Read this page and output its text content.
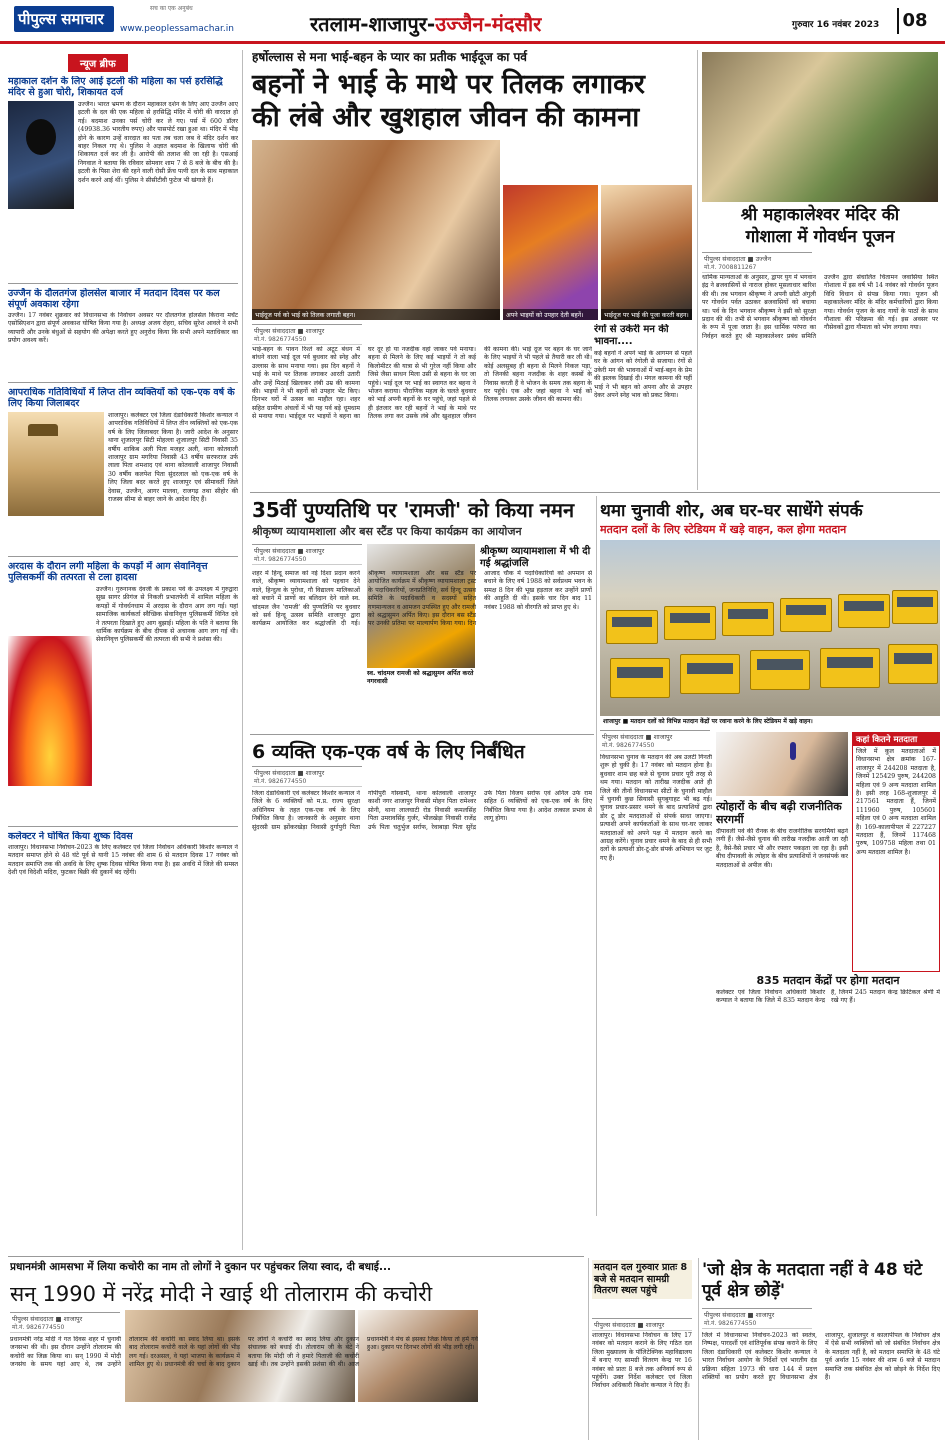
पीपुल्स समाचार
सच का एक अनुबंध
www.peoplessamachar.in	रतलाम-शाजापुर-उज्जैन-मंदसौर	गुरुवार 16 नवंबर 2023	08
न्यूज ब्रीफ
महाकाल दर्शन के लिए आई इटली की महिला का पर्स हरसिद्धि मंदिर से हुआ चोरी, शिकायत दर्ज
उज्जैन। भारत भ्रमण के दौरान महाकाल दर्शन के लिए आए उज्जैन आए इटली के दल की एक महिला से हरसिद्धि मंदिर में चोरी की वारदात हो गई। बदमाश उनका पर्स चोरी कर ले गए। पर्स में 600 डॉलर (49938.36 भारतीय रुपए) और पासपोर्ट रखा हुआ था। मंदिर में भीड़ होने के कारण उन्हें वारदात का पता तब चला जब वे मंदिर दर्शन कर बाहर निकल गए थे। पुलिस ने अज्ञात बदमाश के खिलाफ चोरी की शिकायत दर्ज कर ली है। आरोपी की तलाश की जा रही है। एसआई निगवाल ने बताया कि रविवार सोमवार शाम 7 से 8 बजे के बीच की है। इटली के पिसा शेरा की रहने वाली रोसी फ्रेंच पत्नी दल के साथ महाकाल दर्शन करने आई थीं। पुलिस ने सीसीटीवी फुटेज भी खंगाले हैं।
उज्जैन के दौलतगंज होलसेल बाजार में मतदान दिवस पर कल संपूर्ण अवकाश रहेगा
उज्जैन। 17 नवंबर शुक्रवार को विधानसभा के निर्वाचन अवसर पर दौलतगंज होलसेल किराना मर्चेंट एसोसिएशन द्वारा संपूर्ण अवकाश घोषित किया गया है। अध्यक्ष अजय रोहरा, सचिव सुरेश आवले ने सभी व्यापारी और उनके बंधुओं से सहयोग की अपेक्षा करते हुए अनुरोध किया कि सभी अपने मताधिकार का प्रयोग अवश्य करें।
आपराधिक गतिविधियों में लिप्त तीन व्यक्तियों को एक-एक वर्ष के लिए किया जिलाबदर
शाजापुर। कलेक्टर एवं जिला दंडाधिकारी किशोर कन्याल ने आपराधिक गतिविधियों में लिप्त तीन व्यक्तियों को एक-एक वर्ष के लिए जिलाबदर किया है। जारी आदेश के अनुसार थाना शुजालपुर सिटी मोहल्ला शुजालपुर सिटी निवासी 35 वर्षीय शाकिब अली पिता मजहर अली, थाना कोतवाली शाजापुर ग्राम मगरिया निवासी 43 वर्षीय सरफराज उर्फ लाला पिता शमशाद एवं थाना कोतवाली शाजापुर निवासी 30 वर्षीय कलपेश पिता सुंदरलाल को एक-एक वर्ष के लिए जिला बदर करते हुए शाजापुर एवं सीमावर्ती जिले देवास, उज्जैन, आगर मालवा, राजगढ़ तथा सीहोर की राजस्व सीमा से बाहर जाने के आदेश दिए हैं।
अरदास के दौरान लगी महिला के कपड़ों में आग सेवानिवृत्त पुलिसकर्मी की तत्परता से टला हादसा
उज्जैन। गुरुनानक देवजी के प्रकाश पर्व के उपलक्ष्य में गुरुद्वारा सुख सागर फ्रीगंज से निकली प्रभातफेरी में शामिल महिला के कपड़ों में गोवर्धनधाम में अरदास के दौरान आग लग गई। यहां सामाजिक कार्यकर्ता स्वैच्छिक सेवानिवृत्त पुलिसकर्मी विनित दवे ने तत्परता दिखाते हुए आग बुझाई। महिला के पति ने बताया कि धार्मिक कार्यक्रम के बीच दीपक से अचानक आग लग गई थी। सेवानिवृत्त पुलिसकर्मी की तत्परता की सभी ने प्रशंसा की।
कलेक्टर ने घोषित किया शुष्क दिवस
शाजापुर। विधानसभा निर्वाचन-2023 के लिए कलेक्टर एवं जिला निर्वाचन अधिकारी किशोर कन्याल ने मतदान समाप्त होने से 48 घंटे पूर्व से यानी 15 नवंबर की शाम 6 से मतदान दिवस 17 नवंबर को मतदान समाप्ति तक की अवधि के लिए शुष्क दिवस घोषित किया गया है। इस अवधि में जिले की समस्त देशी एवं विदेशी मदिरा, फुटकर बिक्री की दुकानें बंद रहेंगी।
हर्षोल्लास से मना भाई-बहन के प्यार का प्रतीक भाईदूज का पर्व
बहनों ने भाई के माथे पर तिलक लगाकर
की लंबे और खुशहाल जीवन की कामना
भाईदूज पर्व को भाई को तिलक लगाती बहन।	अपने भाइयों को उपहार देती बहनें।	भाईदूज पर भाई की पूजा करती बहन।
पीपुल्स संवाददाता ■ शाजापुर
मो.नं. 9826774550
भाई-बहन के पावन रिश्ते को अटूट बंधन में बांधने वाला भाई दूज पर्व बुधवार को स्नेह और उल्लास के साथ मनाया गया। इस दिन बहनों ने भाई के माथे पर तिलक लगाकर आरती उतारी और उन्हें मिठाई खिलाकर लंबी उम्र की कामना की। भाइयों ने भी बहनों को उपहार भेंट किए। दिनभर घरों में उत्सव का माहौल रहा। शहर सहित ग्रामीण अंचलों में भी यह पर्व बड़े धूमधाम से मनाया गया। भाईदूज पर भाइयों ने बहना का घर दूर हो या नजदीक वहां जाकर पर्व मनाया। बहना से मिलने के लिए कई भाइयों ने तो कई किलोमीटर की यात्रा से भी गुरेज नहीं किया और जिसे जैसा साधन मिला उसी से बहना के घर जा पहुंचे। भाई दूज पर भाई का स्वागत कर बहना ने भोजन कराया। पौराणिक महत्व के चलते बुधवार को भाई अपनी बहनों के घर पहुंचे, जहां पहले से ही इंतजार कर रही बहनों ने भाई के माथे पर तिलक लगा कर उसके लंबे और खुशहाल जीवन की कामना की। भाई दूज पर बहन के घर जाने के लिए भाइयों ने भी पहले से तैयारी कर ली थी। कोई अलसुबह ही बहना से मिलने निकल पड़ा, तो जिनकी बहना नजदीक के शहर कस्बों के निवास करती हैं वे भोजन के समय तक बहना के घर पहुंचे। एक और जहां बहना ने भाई को तिलक लगाकर उसके जीवन की कामना की।
रंगों से उकेरी मन की भावना....
कई बहनों ने अपने भाई के आगमन से पहले घर के आंगन को रंगोली से सजाया। रंगों से उकेरी मन की भावनाओं में भाई-बहन के प्रेम की झलक दिखाई दी। मंगल कामना की यहीं भाई ने भी बहन को अपना और से उपहार देकर अपने स्नेह भाव को प्रकट किया।
श्री महाकालेश्वर मंदिर की
गोशाला में गोवर्धन पूजन
पीपुल्स संवाददाता ■ उज्जैन
मो.नं. 7008811267
धार्मिक मान्यताओं के अनुसार, द्वापर युग में भगवान इंद्र ने ब्रजवासियों से नाराज होकर मूसलाधार बारिश की थी। तब भगवान श्रीकृष्ण ने अपनी छोटी अंगुली पर गोवर्धन पर्वत उठाकर ब्रजवासियों को बचाया था। पर्व के दिन भगवान श्रीकृष्ण ने इसी को सुरक्षा प्रदान की थी। तभी से भगवान श्रीकृष्ण को गोवर्धन के रूप में पूजा जाता है। इस धार्मिक परंपरा का निर्वहन करते हुए श्री महाकालेश्वर प्रबंध समिति उज्जैन द्वारा संचालित चिंतामन जवासिया स्थित गोशाला में इस वर्ष भी 14 नवंबर को गोवर्धन पूजन विधि विधान से संपन्न किया गया। पूजन श्री महाकालेश्वर मंदिर के मंदिर कर्मचारियों द्वारा किया गया। गोवर्धन पूजन के बाद गायों के पाठों के साथ गौशाला की परिक्रमा की गई। इस अवसर पर गौसेवकों द्वारा गौमाता को भोग लगाया गया।
35वीं पुण्यतिथि पर 'रामजी' को किया नमन
श्रीकृष्ण व्यायामशाला और बस स्टैंड पर किया कार्यक्रम का आयोजन
पीपुल्स संवाददाता ■ शाजापुर
मो.नं. 9826774550
स्व. चांदमल रामजी को श्रद्धासुमन अर्पित करते नगरवासी
श्रीकृष्ण व्यायामशाला में भी दी गई श्रद्धांजलि
शहर में हिन्दू समाज को नई दिशा प्रदान करने वाले, श्रीकृष्ण व्यायामशाला को पहचान देने वाले, हिन्दुत्व के पुरोधा, गौ विद्यालय मालिकाओं को बचाने में प्राणों का बलिदान देने वाले स्व. चांदमल जैन 'रामजी' की पुण्यतिथि पर बुधवार को सर्व हिन्दू उत्सव समिति शाजापुर द्वारा कार्यक्रम आयोजित कर श्रद्धांजलि दी गई। श्रीकृष्ण व्यायामशाला और बस स्टैंड पर आयोजित कार्यक्रम में श्रीकृष्ण व्यायामशाला ट्रस्ट के पदाधिकारियों, जनप्रतिनिधि, सर्व हिन्दू उत्सव समिति के पदाधिकारी व सदस्यों सहित गणमान्यजन व आमजन उपस्थित हुए और रामजी को श्रद्धासुमन अर्पित किए। इस दौरान बस स्टैंड पर उनकी प्रतिमा पर माल्यार्पण किया गया। दिन आजाद चौक में पदाधिकारियों को अपमान से बचाने के लिए वर्ष 1988 को सर्वप्रथम भवन के समक्ष 8 दिन की भूख हड़ताल कर उन्होंने प्राणों की आहुति दी थी। इसके चार दिन बाद 11 नवंबर 1988 को वीरगति को प्राप्त हुए थे।
थमा चुनावी शोर, अब घर-घर साधेंगे संपर्क
मतदान दलों के लिए स्टेडियम में खड़े वाहन, कल होगा मतदान
शाजापुर ■ मतदान दलों को विभिन्न मतदान केंद्रों पर रवाना करने के लिए स्टेडियम में खड़े वाहन।
पीपुल्स संवाददाता ■ शाजापुर
मो.नं. 9826774550
विधानसभा चुनाव के मतदान की अब उलटी गिनती शुरू हो चुकी है। 17 नवंबर को मतदान होना है। बुधवार शाम छह बजे से चुनाव प्रचार पूरी तरह से थम गया। मतदान को तारीख नजदीक आते ही जिले की तीनों विधानसभा सीटों के चुनावी माहौल में चुनावी कुछ सियासी सुगबुगाहट भी बढ़ गई। चुनाव प्रचार-प्रसार थमने के बाद प्रत्याशियों द्वारा डोर टू डोर मतदाताओं से संपर्क साधा जाएगा। प्रत्याशी अपने कार्यकर्ताओं के साथ घर-घर जाकर मतदाताओं को अपने पक्ष में मतदान करने का आग्रह करेंगे। चुनाव प्रचार थमने के बाद से ही सभी दलों के प्रत्याशी डोर-टू-डोर संपर्क अभियान पर जुट गए हैं।
त्योहारों के बीच बढ़ी राजनीतिक सरगर्मी
दीपावली पर्व की रौनक के बीच राजनीतिक सरगर्मियां बढ़ने लगी हैं। जैसे-जैसे चुनाव की तारीख नजदीक आती जा रही है, वैसे-वैसे प्रचार भी और रफ्तार पकड़ता जा रहा है। इसी बीच दीपावली के त्योहार के बीच प्रत्याशियों ने जनसंपर्क कर मतदाताओं से अपील की।
कहां कितने मतदाता
जिले में कुल मतदाताओं में विधानसभा क्षेत्र क्रमांक 167-शाजापुर में 244208 मतदाता है, जिनमें 125429 पुरुष, 244208 महिला एवं 9 अन्य मतदाता शामिल है। इसी तरह 168-शुजालपुर में 217561 मतदाता हैं, जिनमें 111960 पुरुष, 105601 महिला एवं 0 अन्य मतदाता शामिल है। 169-कालापीपल में 227227 मतदाता हैं, जिनमें 117468 पुरुष, 109758 महिला तथा 01 अन्य मतदाता शामिल है।
835 मतदान केंद्रों पर होगा मतदान
कलेक्टर एवं जिला निर्वाचन अधिकारी किशोर कन्याल ने बताया कि जिले में 835 मतदान केन्द्र हैं, जिनमें 245 मतदान केन्द्र क्रिटिकल श्रेणी में रखे गए हैं।
6 व्यक्ति एक-एक वर्ष के लिए निर्बंधित
पीपुल्स संवाददाता ■ शाजापुर
मो.नं. 9826774550
जिला दंडाधिकारी एवं कलेक्टर किशोर कन्याल ने जिले के 6 व्यक्तियों को म.प्र. राज्य सुरक्षा अधिनियम के तहत एक-एक वर्ष के लिए निर्बंधित किया है। जानकारी के अनुसार थाना सुंदरसी ग्राम झोंकरखेड़ा निवासी दुर्गापुरी पिता गोपीपुरी गोस्वामी, थाना कोतवाली शाजापुर काशी नगर शाजापुर निवासी मोहन पिता रामेश्वर सोनी, थाना लालघाटी रोड निवासी कमलसिंह पिता उमरावसिंह गुर्जर, भीलखेड़ा निवासी राजेंद्र उर्फ पिता चतुर्भुज सर्राफ, रेवाबाड़ा पिता सुरेंद्र उर्फ पिता विजय सर्राफ एवं अनिल उर्फ राम सहित 6 व्यक्तियों को एक-एक वर्ष के लिए निर्बंधित किया गया है। आदेश तत्काल प्रभाव से लागू होगा।
प्रधानमंत्री आमसभा में लिया कचोरी का नाम तो लोगों ने दुकान पर पहुंचकर लिया स्वाद, दी बधाई...
सन् 1990 में नरेंद्र मोदी ने खाई थी तोलाराम की कचोरी
पीपुल्स संवाददाता ■ शाजापुर
मो.नं. 9826774550
प्रधानमंत्री नरेंद्र मोदी ने गत दिवस शहर में चुनावी जनसभा की थी। इस दौरान उन्होंने तोलाराम की कचोरी का जिक्र किया था। सन् 1990 में मोदी जनसंघ के समय यहां आए थे, तब उन्होंने तोलाराम की कचोरी का स्वाद लिया था। इसके बाद तोलाराम कचोरी वाले के यहां लोगों की भीड़ लग गई। दरअसल, वे यहां भाजपा के कार्यक्रम में शामिल हुए थे। प्रधानमंत्री की चर्चा के बाद दुकान पर लोगों ने कचोरी का स्वाद लिया और दुकान संचालक को बधाई दी। तोलाराम जी के बेटे ने बताया कि मोदी जी ने हमारे पिताजी की कचोरी खाई थी। तब उन्होंने इसकी प्रशंसा की थी। आज प्रधानमंत्री ने मंच से इसका जिक्र किया तो हमें गर्व हुआ। दुकान पर दिनभर लोगों की भीड़ लगी रही।
मतदान दल गुरुवार प्रातः 8 बजे से मतदान सामग्री वितरण स्थल पहुंचे
पीपुल्स संवाददाता ■ शाजापुर
शाजापुर। विधानसभा निर्वाचन के लिए 17 नवंबर को मतदान कराने के लिए गठित दल जिला मुख्यालय के पॉलिटेक्निक महाविद्यालय में बनाए गए सामग्री वितरण केन्द्र पर 16 नवंबर को प्रातः 8 बजे तक अनिवार्य रूप से पहुंचेंगे। उक्त निर्देश कलेक्टर एवं जिला निर्वाचन अधिकारी किशोर कन्याल ने दिए हैं।
'जो क्षेत्र के मतदाता नहीं वे 48 घंटे पूर्व क्षेत्र छोड़ें'
पीपुल्स संवाददाता ■ शाजापुर
मो.नं. 9826774550
जिले में विधानसभा निर्वाचन-2023 को स्वतंत्र, निष्पक्ष, पारदर्शी एवं शांतिपूर्वक संपन्न कराने के लिए जिला दंडाधिकारी एवं कलेक्टर किशोर कन्याल ने भारत निर्वाचन आयोग के निर्देशों एवं भारतीय दंड प्रक्रिया संहिता 1973 की धारा 144 में प्रदत्त शक्तियों का प्रयोग करते हुए विधानसभा क्षेत्र शाजापुर, शुजालपुर व कालापीपल के निर्वाचन क्षेत्र में ऐसे सभी व्यक्तियों को जो संबंधित निर्वाचन क्षेत्र के मतदाता नहीं है, को मतदान समाप्ति के 48 घंटे पूर्व अर्थात 15 नवंबर की शाम 6 बजे से मतदान समाप्ति तक संबंधित क्षेत्र को छोड़ने के निर्देश दिए हैं।
